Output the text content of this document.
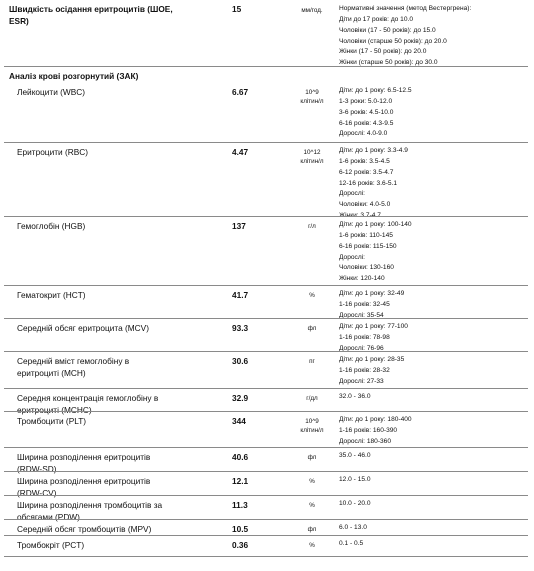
Швидкість осідання еритроцитів (ШОЕ,
ESR)
15	мм/год.	Нормативні значення (метод Вестергрена):
Діти до 17 років: до 10.0
Чоловіки (17 - 50 років): до 15.0
Чоловіки (старше 50 років): до 20.0
Жінки (17 - 50 років): до 20.0
Жінки (старше 50 років): до 30.0
Аналіз крові розгорнутий (ЗАК)
Лейкоцити (WBC)	6.67	10^9
клітин/л
Діти: до 1 року: 6.5-12.5
1-3 роки: 5.0-12.0
3-6 років: 4.5-10.0
6-16 років: 4.3-9.5
Дорослі: 4.0-9.0
Еритроцити (RBC)	4.47	10^12
клітин/л
Діти: до 1 року: 3.3-4.9
1-6 років: 3.5-4.5
6-12 років: 3.5-4.7
12-16 років: 3.6-5.1
Дорослі:
Чоловіки: 4.0-5.0
Жінки: 3.7-4.7
Гемоглобін (HGB)	137	г/л	Діти: до 1 року: 100-140
1-6 років: 110-145
6-16 років: 115-150
Дорослі:
Чоловіки: 130-160
Жінки: 120-140
Гематокрит (HCT)	41.7	%	Діти: до 1 року: 32-49
1-16 років: 32-45
Дорослі: 35-54
Середній обсяг еритроцита (MCV)	93.3	фл	Діти: до 1 року: 77-100
1-16 років: 78-98
Дорослі: 76-96
Середній вміст гемоглобіну в
еритроциті (MCH)
30.6	пг	Діти: до 1 року: 28-35
1-16 років: 28-32
Дорослі: 27-33
Середня концентрація гемоглобіну в
еритроциті (MCHC)
32.9	г/дл	32.0 - 36.0
Тромбоцити (PLT)	344	10^9
клітин/л
Діти: до 1 року: 180-400
1-16 років: 160-390
Дорослі: 180-360
Ширина розподілення еритроцитів
(RDW-SD)
40.6	фл	35.0 - 46.0
Ширина розподілення еритроцитів
(RDW-CV)
12.1	%	12.0 - 15.0
Ширина розподілення тромбоцитів за
обсягами (PDW)
11.3	%	10.0 - 20.0
Середній обсяг тромбоцитів (MPV)	10.5	фл	6.0 - 13.0
Тромбокріт (PCT)	0.36	%	0.1 - 0.5
